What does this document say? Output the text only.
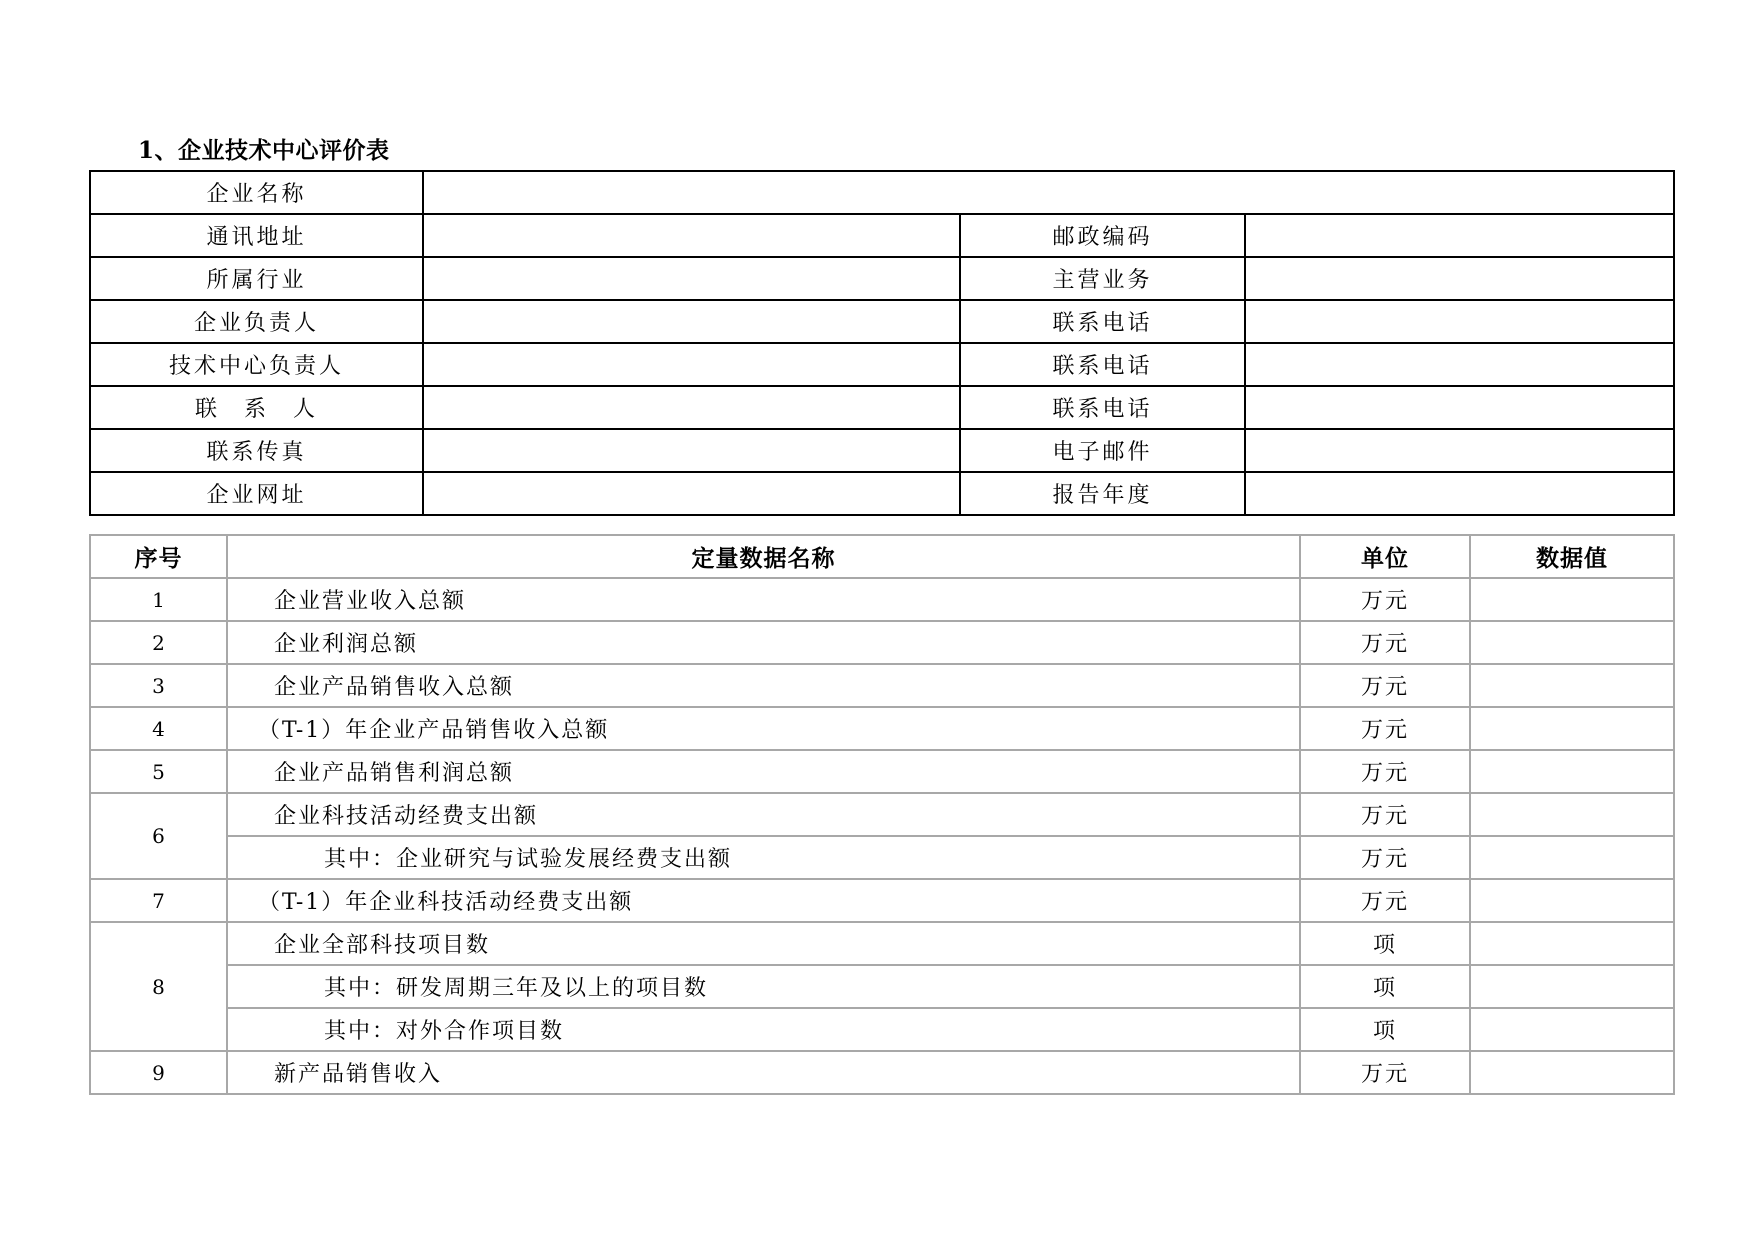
1、企业技术中心评价表
企业名称			
通讯地址		邮政编码	
所属行业		主营业务	
企业负责人		联系电话	
技术中心负责人		联系电话	
联 系 人		联系电话	
联系传真		电子邮件	
企业网址		报告年度	
序号	定量数据名称	单位	数据值
1	企业营业收入总额	万元	
2	企业利润总额	万元	
3	企业产品销售收入总额	万元	
4	（T-1）年企业产品销售收入总额	万元	
5	企业产品销售利润总额	万元	
6	企业科技活动经费支出额	万元	
	其中：企业研究与试验发展经费支出额	万元	
7	（T-1）年企业科技活动经费支出额	万元	
8	企业全部科技项目数	项	
	其中：研发周期三年及以上的项目数	项	
	其中：对外合作项目数	项	
9	新产品销售收入	万元	
